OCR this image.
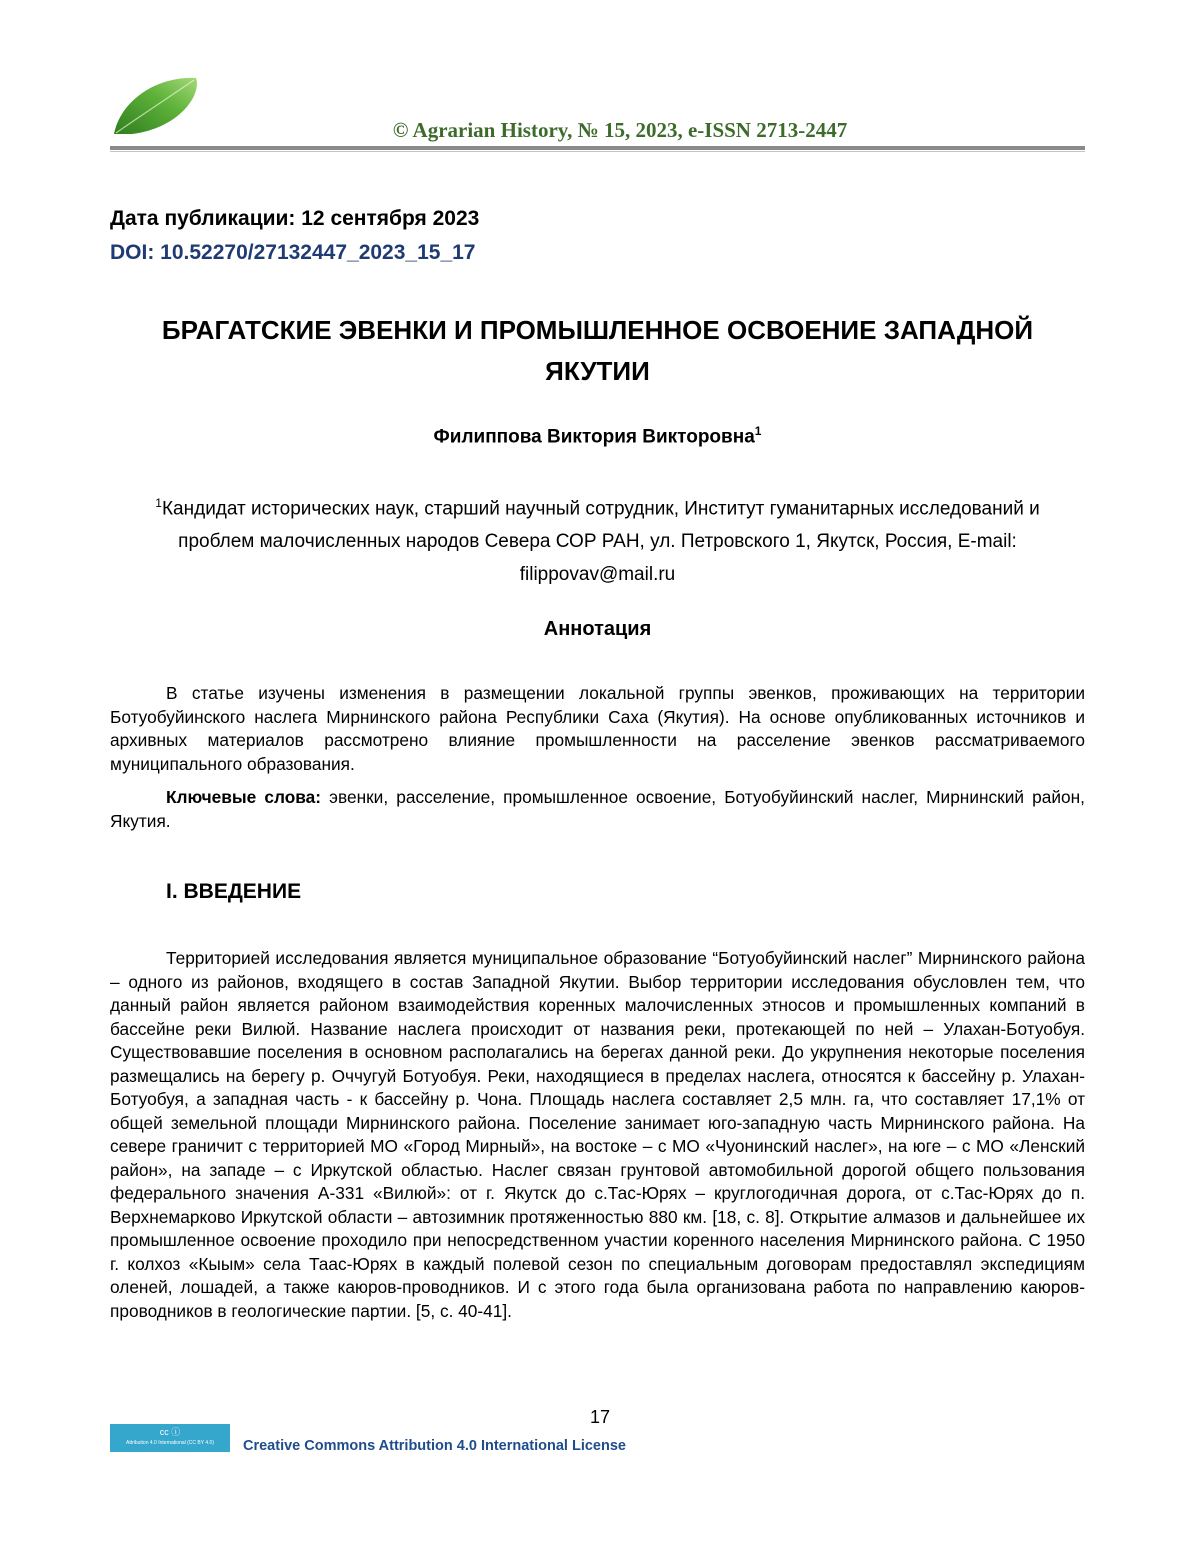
© Agrarian History, № 15, 2023, e-ISSN 2713-2447
Дата публикации: 12 сентября 2023
DOI: 10.52270/27132447_2023_15_17
БРАГАТСКИЕ ЭВЕНКИ И ПРОМЫШЛЕННОЕ ОСВОЕНИЕ ЗАПАДНОЙ ЯКУТИИ
Филиппова Виктория Викторовна$^1$
$^1$Кандидат исторических наук, старший научный сотрудник, Институт гуманитарных исследований и проблем малочисленных народов Севера СОР РАН, ул. Петровского 1, Якутск, Россия, E-mail: filippovav@mail.ru
Аннотация

В статье изучены изменения в размещении локальной группы эвенков, проживающих на территории Ботуобуйинского наслега Мирнинского района Республики Саха (Якутия). На основе опубликованных источников и архивных материалов рассмотрено влияние промышленности на расселение эвенков рассматриваемого муниципального образования.

Ключевые слова: эвенки, расселение, промышленное освоение, Ботуобуйинский наслег, Мирнинский район, Якутия.

I. ВВЕДЕНИЕ

Территорией исследования является муниципальное образование “Ботуобуйинский наслег” Мирнинского района – одного из районов, входящего в состав Западной Якутии. Выбор территории исследования обусловлен тем, что данный район является районом взаимодействия коренных малочисленных этносов и промышленных компаний в бассейне реки Вилюй. Название наслега происходит от названия реки, протекающей по ней – Улахан-Ботуобуя. Существовавшие поселения в основном располагались на берегах данной реки. До укрупнения некоторые поселения размещались на берегу р. Оччугуй Ботуобуя. Реки, находящиеся в пределах наслега, относятся к бассейну р. Улахан-Ботуобуя, а западная часть - к бассейну р. Чона. Площадь наслега составляет 2,5 млн. га, что составляет 17,1% от общей земельной площади Мирнинского района. Поселение занимает юго-западную часть Мирнинского района. На севере граничит с территорией МО «Город Мирный», на востоке – с МО «Чуонинский наслег», на юге – с МО «Ленский район», на западе – с Иркутской областью. Наслег связан грунтовой автомобильной дорогой общего пользования федерального значения А-331 «Вилюй»: от г. Якутск до с.Тас-Юрях – круглогодичная дорога, от с.Тас-Юрях до п. Верхнемарково Иркутской области – автозимник протяженностью 880 км. [18, с. 8]. Открытие алмазов и дальнейшее их промышленное освоение проходило при непосредственном участии коренного населения Мирнинского района. С 1950 г. колхоз «Кыым» села Таас-Юрях в каждый полевой сезон по специальным договорам предоставлял экспедициям оленей, лошадей, а также каюров-проводников. И с этого года была организована работа по направлению каюров-проводников в геологические партии. [5, с. 40-41].

17
cc ⓘ
Attribution 4.0 International (CC BY 4.0)	Creative Commons Attribution 4.0 International License
